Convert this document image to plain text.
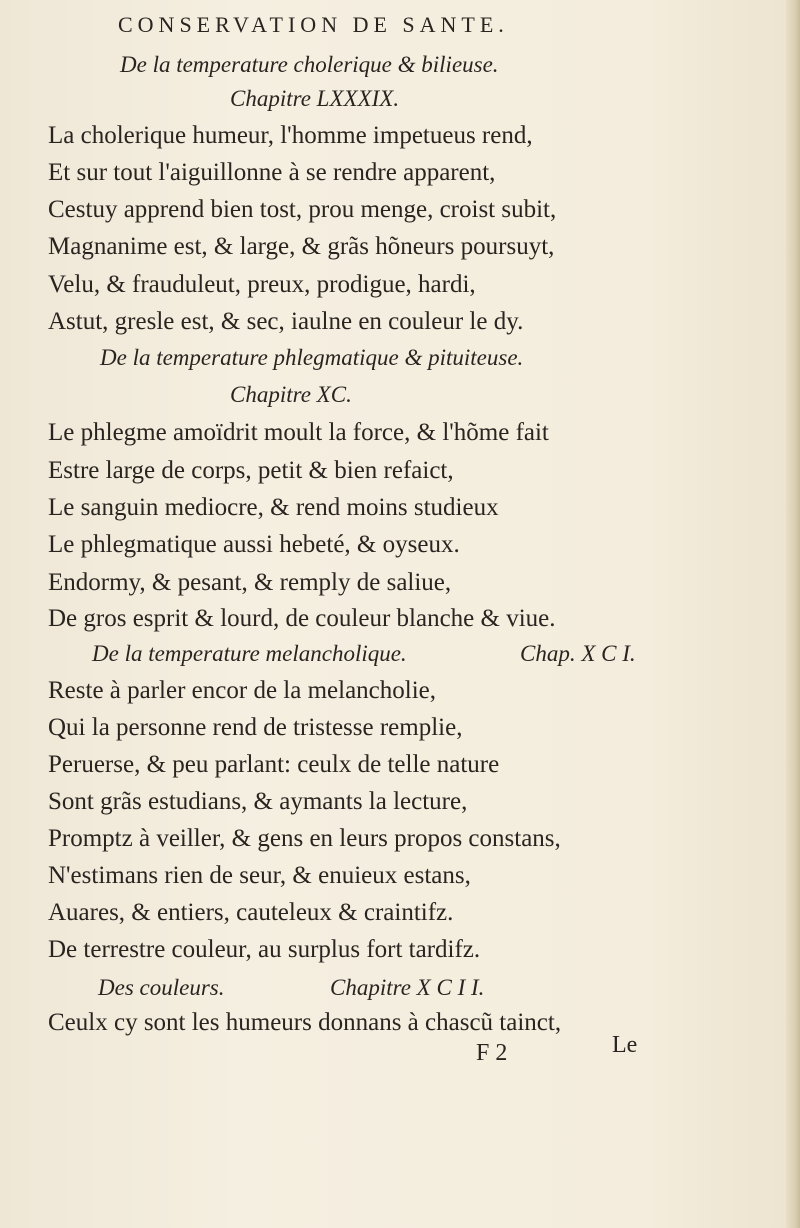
CONSERVATION DE SANTE.
De la temperature cholerique & bilieuse.
Chapitre LXXXIX.
La cholerique humeur, l'homme impetueus rend,
Et sur tout l'aiguillonne à se rendre apparent,
Cestuy apprend bien tost, prou menge, croist subit,
Magnanime est, & large, & grãs hõneurs poursuyt,
Velu, & frauduleut, preux, prodigue, hardi,
Astut, gresle est, & sec, iaulne en couleur le dy.
De la temperature phlegmatique & pituiteuse.
Chapitre XC.
Le phlegme amoïdrit moult la force, & l'hõme fait
Estre large de corps, petit & bien refaict,
Le sanguin mediocre, & rend moins studieux
Le phlegmatique aussi hebeté, & oyseux.
Endormy, & pesant, & remply de saliue,
De gros esprit & lourd, de couleur blanche & viue.
De la temperature melancholique.	Chap. X C I.
Reste à parler encor de la melancholie,
Qui la personne rend de tristesse remplie,
Peruerse, & peu parlant: ceulx de telle nature
Sont grãs estudians, & aymants la lecture,
Promptz à veiller, & gens en leurs propos constans,
N'estimans rien de seur, & enuieux estans,
Auares, & entiers, cauteleux & craintifz.
De terrestre couleur, au surplus fort tardifz.
Des couleurs.	Chapitre X C I I.
Ceulx cy sont les humeurs donnans à chascũ tainct,
F 2	Le
